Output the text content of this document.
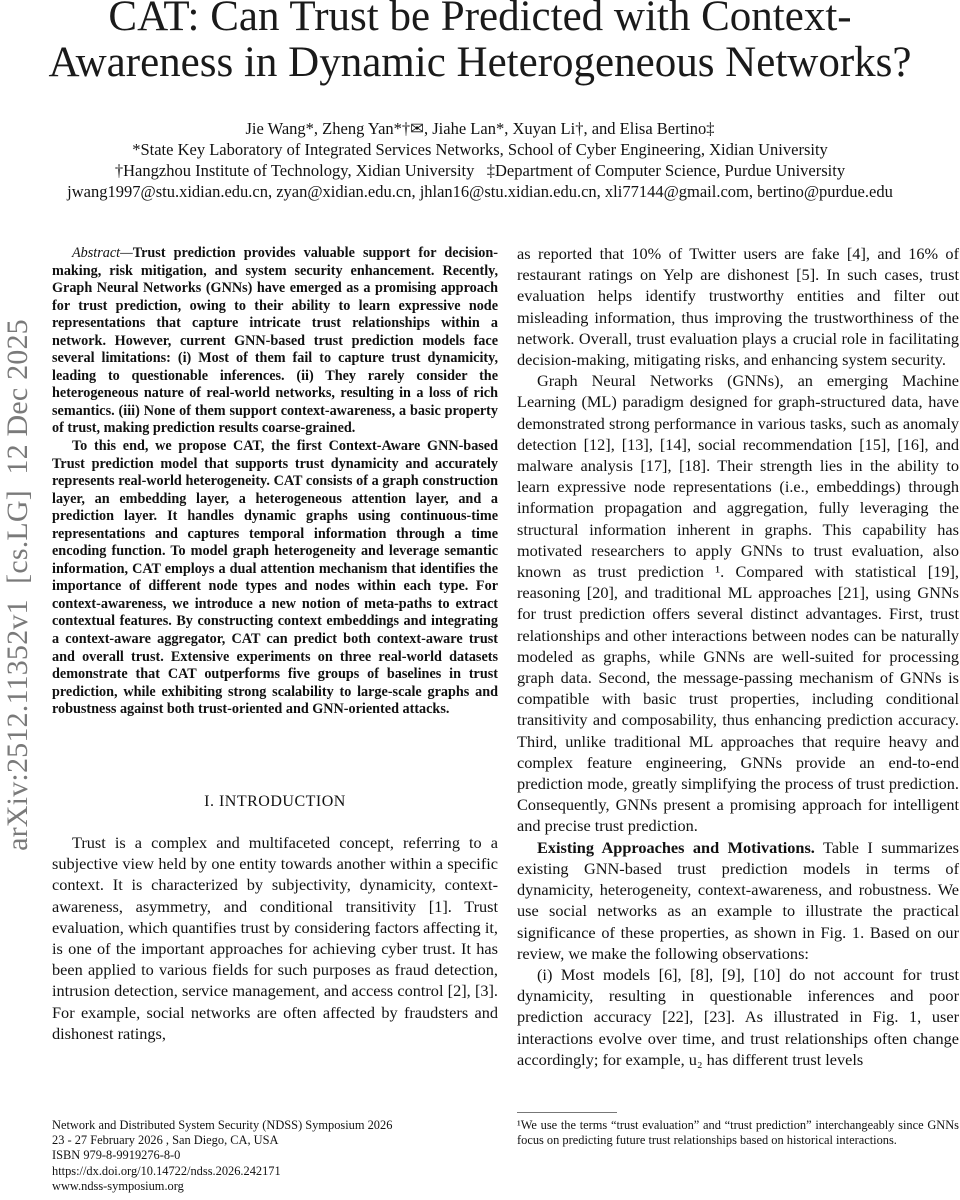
CAT: Can Trust be Predicted with Context-Awareness in Dynamic Heterogeneous Networks?
Jie Wang*, Zheng Yan*†✉, Jiahe Lan*, Xuyan Li†, and Elisa Bertino‡
*State Key Laboratory of Integrated Services Networks, School of Cyber Engineering, Xidian University
†Hangzhou Institute of Technology, Xidian University   ‡Department of Computer Science, Purdue University
jwang1997@stu.xidian.edu.cn, zyan@xidian.edu.cn, jhlan16@stu.xidian.edu.cn, xli77144@gmail.com, bertino@purdue.edu
arXiv:2512.11352v1  [cs.LG]  12 Dec 2025

Abstract—Trust prediction provides valuable support for decision-making, risk mitigation, and system security enhancement. Recently, Graph Neural Networks (GNNs) have emerged as a promising approach for trust prediction, owing to their ability to learn expressive node representations that capture intricate trust relationships within a network. However, current GNN-based trust prediction models face several limitations: (i) Most of them fail to capture trust dynamicity, leading to questionable inferences. (ii) They rarely consider the heterogeneous nature of real-world networks, resulting in a loss of rich semantics. (iii) None of them support context-awareness, a basic property of trust, making prediction results coarse-grained.

To this end, we propose CAT, the first Context-Aware GNN-based Trust prediction model that supports trust dynamicity and accurately represents real-world heterogeneity. CAT consists of a graph construction layer, an embedding layer, a heterogeneous attention layer, and a prediction layer. It handles dynamic graphs using continuous-time representations and captures temporal information through a time encoding function. To model graph heterogeneity and leverage semantic information, CAT employs a dual attention mechanism that identifies the importance of different node types and nodes within each type. For context-awareness, we introduce a new notion of meta-paths to extract contextual features. By constructing context embeddings and integrating a context-aware aggregator, CAT can predict both context-aware trust and overall trust. Extensive experiments on three real-world datasets demonstrate that CAT outperforms five groups of baselines in trust prediction, while exhibiting strong scalability to large-scale graphs and robustness against both trust-oriented and GNN-oriented attacks.

I. INTRODUCTION

Trust is a complex and multifaceted concept, referring to a subjective view held by one entity towards another within a specific context. It is characterized by subjectivity, dynamicity, context-awareness, asymmetry, and conditional transitivity [1]. Trust evaluation, which quantifies trust by considering factors affecting it, is one of the important approaches for achieving cyber trust. It has been applied to various fields for such purposes as fraud detection, intrusion detection, service management, and access control [2], [3]. For example, social networks are often affected by fraudsters and dishonest ratings,

as reported that 10% of Twitter users are fake [4], and 16% of restaurant ratings on Yelp are dishonest [5]. In such cases, trust evaluation helps identify trustworthy entities and filter out misleading information, thus improving the trustworthiness of the network. Overall, trust evaluation plays a crucial role in facilitating decision-making, mitigating risks, and enhancing system security.

Graph Neural Networks (GNNs), an emerging Machine Learning (ML) paradigm designed for graph-structured data, have demonstrated strong performance in various tasks, such as anomaly detection [12], [13], [14], social recommendation [15], [16], and malware analysis [17], [18]. Their strength lies in the ability to learn expressive node representations (i.e., embeddings) through information propagation and aggregation, fully leveraging the structural information inherent in graphs. This capability has motivated researchers to apply GNNs to trust evaluation, also known as trust prediction ¹. Compared with statistical [19], reasoning [20], and traditional ML approaches [21], using GNNs for trust prediction offers several distinct advantages. First, trust relationships and other interactions between nodes can be naturally modeled as graphs, while GNNs are well-suited for processing graph data. Second, the message-passing mechanism of GNNs is compatible with basic trust properties, including conditional transitivity and composability, thus enhancing prediction accuracy. Third, unlike traditional ML approaches that require heavy and complex feature engineering, GNNs provide an end-to-end prediction mode, greatly simplifying the process of trust prediction. Consequently, GNNs present a promising approach for intelligent and precise trust prediction.

Existing Approaches and Motivations. Table I summarizes existing GNN-based trust prediction models in terms of dynamicity, heterogeneity, context-awareness, and robustness. We use social networks as an example to illustrate the practical significance of these properties, as shown in Fig. 1. Based on our review, we make the following observations:

(i) Most models [6], [8], [9], [10] do not account for trust dynamicity, resulting in questionable inferences and poor prediction accuracy [22], [23]. As illustrated in Fig. 1, user interactions evolve over time, and trust relationships often change accordingly; for example, u₂ has different trust levels

Network and Distributed System Security (NDSS) Symposium 2026
23 - 27 February 2026 , San Diego, CA, USA
ISBN 979-8-9919276-8-0
https://dx.doi.org/10.14722/ndss.2026.242171
www.ndss-symposium.org
¹We use the terms “trust evaluation” and “trust prediction” interchangeably since GNNs focus on predicting future trust relationships based on historical interactions.
